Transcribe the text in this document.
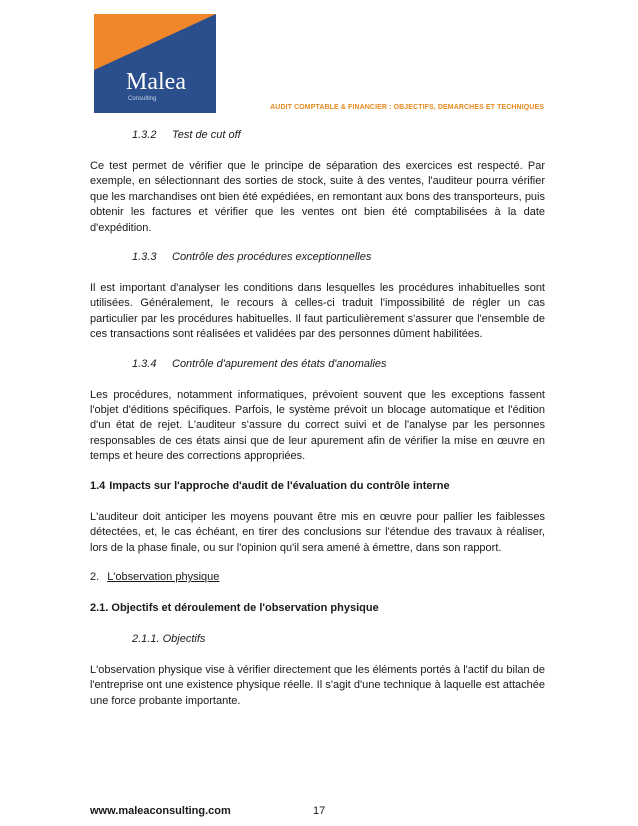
Malea
Consulting
AUDIT COMPTABLE & FINANCIER : OBJECTIFS, DEMARCHES ET TECHNIQUES

1.3.2 Test de cut off

Ce test permet de vérifier que le principe de séparation des exercices est respecté. Par exemple, en sélectionnant des sorties de stock, suite à des ventes, l'auditeur pourra vérifier que les marchandises ont bien été expédiées, en remontant aux bons des transporteurs, puis obtenir les factures et vérifier que les ventes ont bien été comptabilisées à la date d'expédition.

1.3.3 Contrôle des procédures exceptionnelles

Il est important d'analyser les conditions dans lesquelles les procédures inhabituelles sont utilisées. Généralement, le recours à celles-ci traduit l'impossibilité de régler un cas particulier par les procédures habituelles. Il faut particulièrement s'assurer que l'ensemble de ces transactions sont réalisées et validées par des personnes dûment habilitées.

1.3.4 Contrôle d'apurement des états d'anomalies

Les procédures, notamment informatiques, prévoient souvent que les exceptions fassent l'objet d'éditions spécifiques. Parfois, le système prévoit un blocage automatique et l'édition d'un état de rejet. L'auditeur s'assure du correct suivi et de l'analyse par les personnes responsables de ces états ainsi que de leur apurement afin de vérifier la mise en œuvre en temps et heure des corrections appropriées.

1.4 Impacts sur l'approche d'audit de l'évaluation du contrôle interne

L'auditeur doit anticiper les moyens pouvant être mis en œuvre pour pallier les faiblesses détectées, et, le cas échéant, en tirer des conclusions sur l'étendue des travaux à réaliser, lors de la phase finale, ou sur l'opinion qu'il sera amené à émettre, dans son rapport.

2. L'observation physique

2.1. Objectifs et déroulement de l'observation physique

2.1.1. Objectifs

L'observation physique vise à vérifier directement que les éléments portés à l'actif du bilan de l'entreprise ont une existence physique réelle. Il s'agit d'une technique à laquelle est attachée une force probante importante.

www.maleaconsulting.com	17
